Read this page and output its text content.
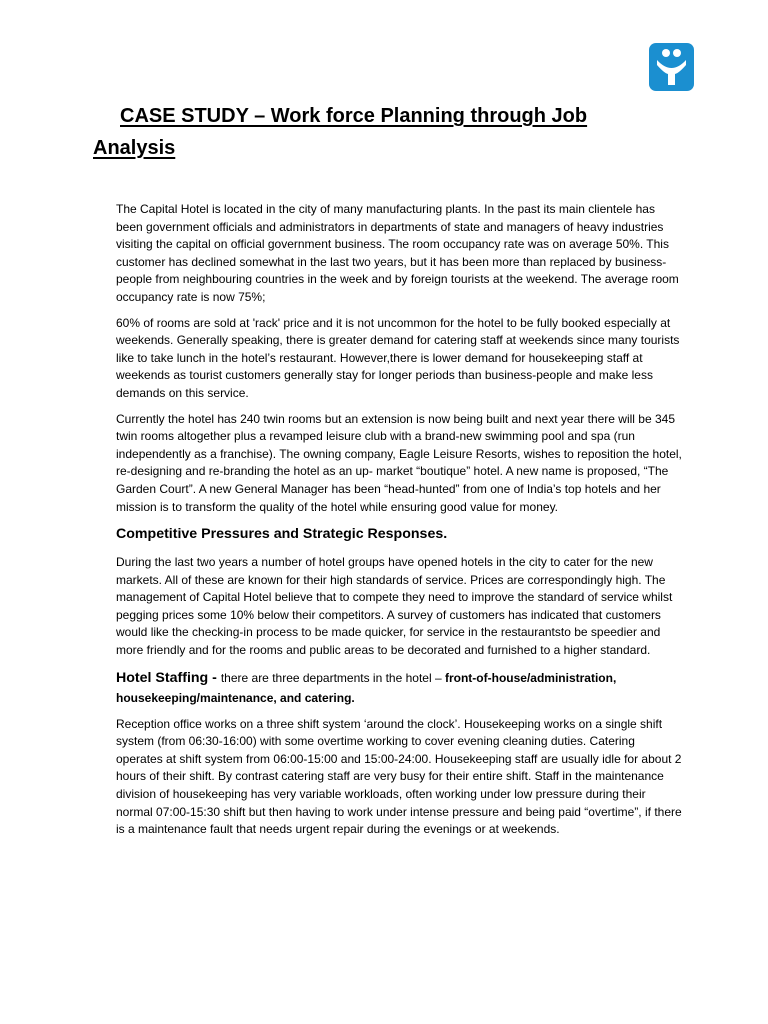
CASE STUDY – Work force Planning through Job
Analysis

The Capital Hotel is located in the city of many manufacturing plants. In the past its main clientele has been government officials and administrators in departments of state and managers of heavy industries visiting the capital on official government business. The room occupancy rate was on average 50%. This customer has declined somewhat in the last two years, but it has been more than replaced by business-people from neighbouring countries in the week and by foreign tourists at the weekend. The average room occupancy rate is now 75%;

60% of rooms are sold at 'rack' price and it is not uncommon for the hotel to be fully booked especially at weekends. Generally speaking, there is greater demand for catering staff at weekends since many tourists like to take lunch in the hotel’s restaurant. However,there is lower demand for housekeeping staff at weekends as tourist customers generally stay for longer periods than business-people and make less demands on this service.

Currently the hotel has 240 twin rooms but an extension is now being built and next year there will be 345 twin rooms altogether plus a revamped leisure club with a brand-new swimming pool and spa (run independently as a franchise). The owning company, Eagle Leisure Resorts, wishes to reposition the hotel, re-designing and re-branding the hotel as an up- market “boutique” hotel. A new name is proposed, “The Garden Court”. A new General Manager has been “head-hunted” from one of India’s top hotels and her mission is to transform the quality of the hotel while ensuring good value for money.

Competitive Pressures and Strategic Responses.

During the last two years a number of hotel groups have opened hotels in the city to cater for the new markets. All of these are known for their high standards of service. Prices are correspondingly high. The management of Capital Hotel believe that to compete they need to improve the standard of service whilst pegging prices some 10% below their competitors. A survey of customers has indicated that customers would like the checking-in process to be made quicker, for service in the restaurantsto be speedier and more friendly and for the rooms and public areas to be decorated and furnished to a higher standard.

Hotel Staffing - there are three departments in the hotel – front-of-house/administration, housekeeping/maintenance, and catering.

Reception office works on a three shift system ‘around the clock’. Housekeeping works on a single shift system (from 06:30-16:00) with some overtime working to cover evening cleaning duties. Catering operates at shift system from 06:00-15:00 and 15:00-24:00. Housekeeping staff are usually idle for about 2 hours of their shift. By contrast catering staff are very busy for their entire shift. Staff in the maintenance division of housekeeping has very variable workloads, often working under low pressure during their normal 07:00-15:30 shift but then having to work under intense pressure and being paid “overtime”, if there is a maintenance fault that needs urgent repair during the evenings or at weekends.
